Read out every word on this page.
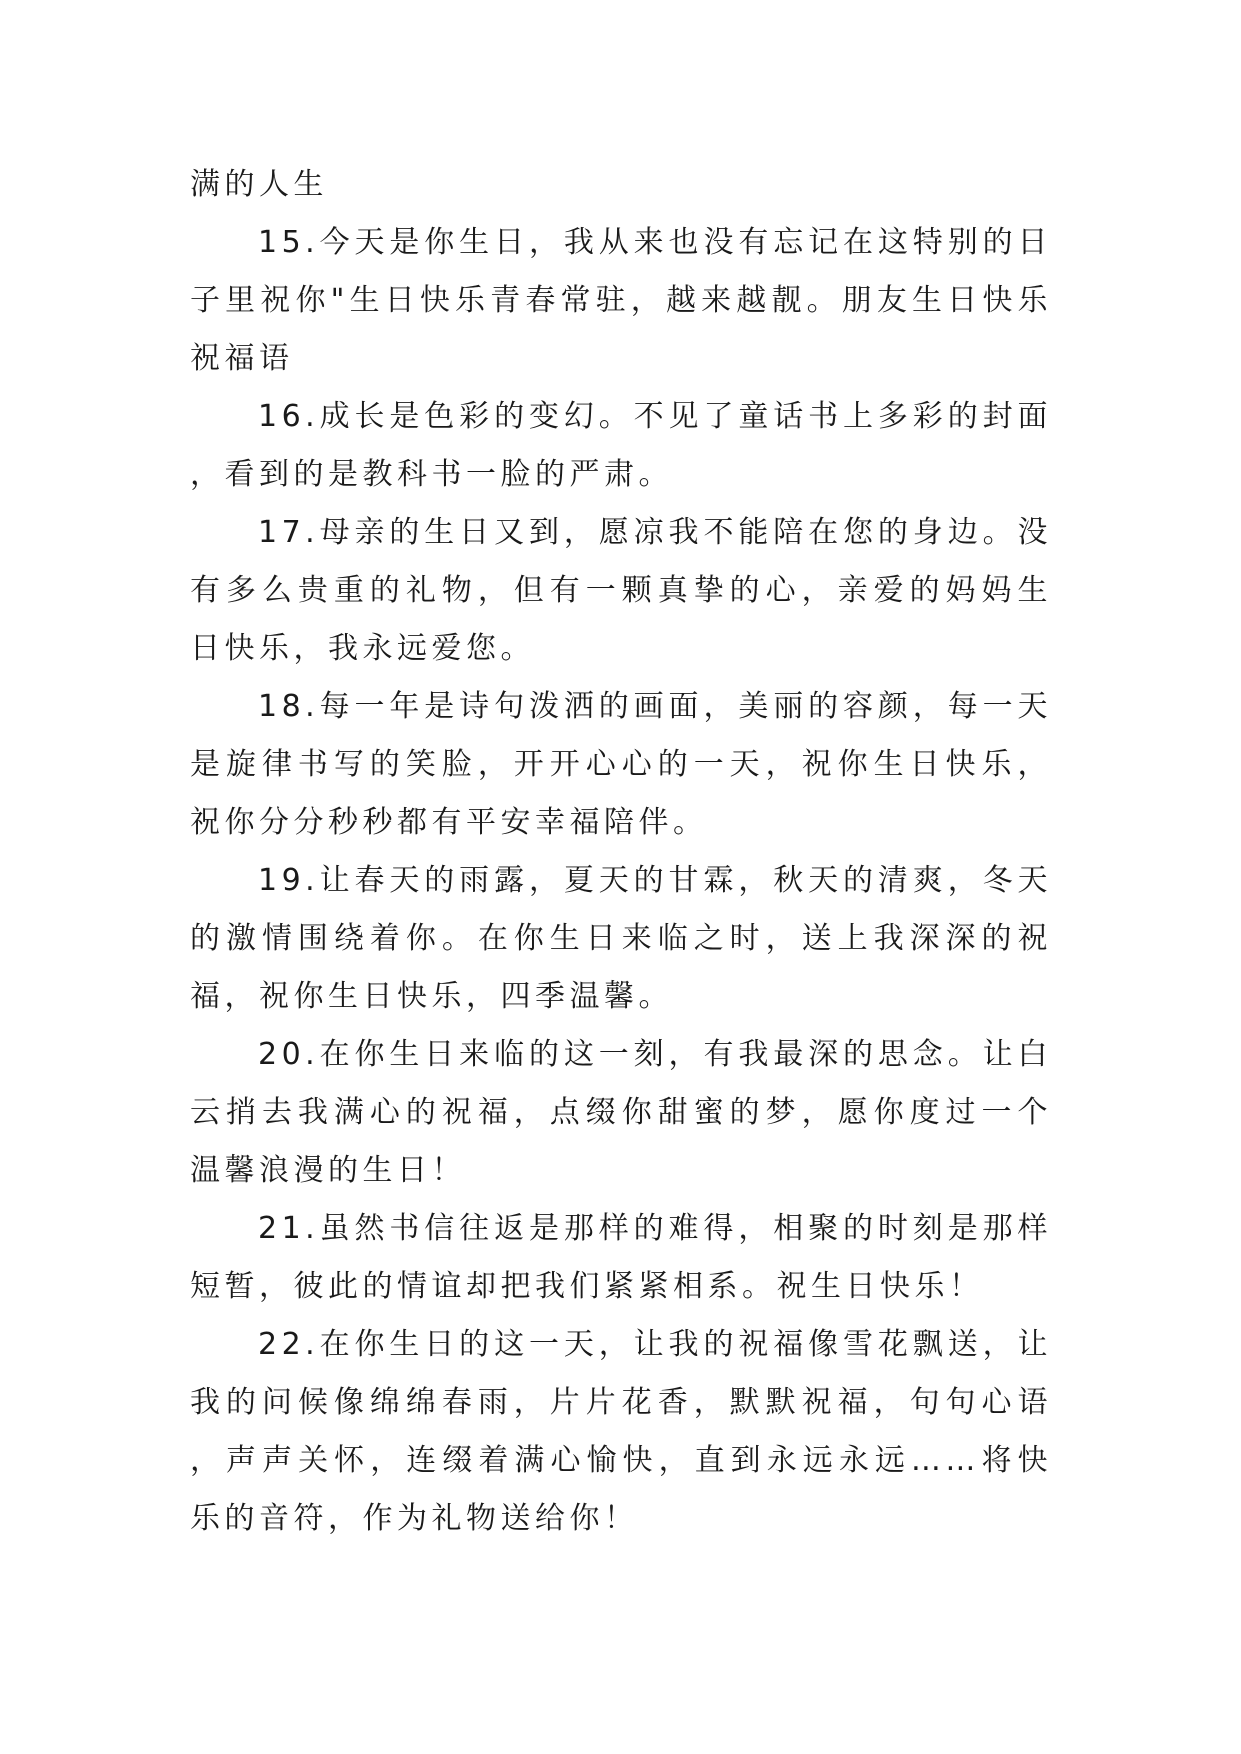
满的人生

15.今天是你生日，我从来也没有忘记在这特别的日子里祝你"生日快乐青春常驻，越来越靓。朋友生日快乐祝福语

16.成长是色彩的变幻。不见了童话书上多彩的封面，看到的是教科书一脸的严肃。

17.母亲的生日又到，愿凉我不能陪在您的身边。没有多么贵重的礼物，但有一颗真挚的心，亲爱的妈妈生日快乐，我永远爱您。

18.每一年是诗句泼洒的画面，美丽的容颜，每一天是旋律书写的笑脸，开开心心的一天，祝你生日快乐，祝你分分秒秒都有平安幸福陪伴。

19.让春天的雨露，夏天的甘霖，秋天的清爽，冬天的激情围绕着你。在你生日来临之时，送上我深深的祝福，祝你生日快乐，四季温馨。

20.在你生日来临的这一刻，有我最深的思念。让白云捎去我满心的祝福，点缀你甜蜜的梦，愿你度过一个温馨浪漫的生日！

21.虽然书信往返是那样的难得，相聚的时刻是那样短暂，彼此的情谊却把我们紧紧相系。祝生日快乐！

22.在你生日的这一天，让我的祝福像雪花飘送，让我的问候像绵绵春雨，片片花香，默默祝福，句句心语，声声关怀，连缀着满心愉快，直到永远永远……将快乐的音符，作为礼物送给你！
